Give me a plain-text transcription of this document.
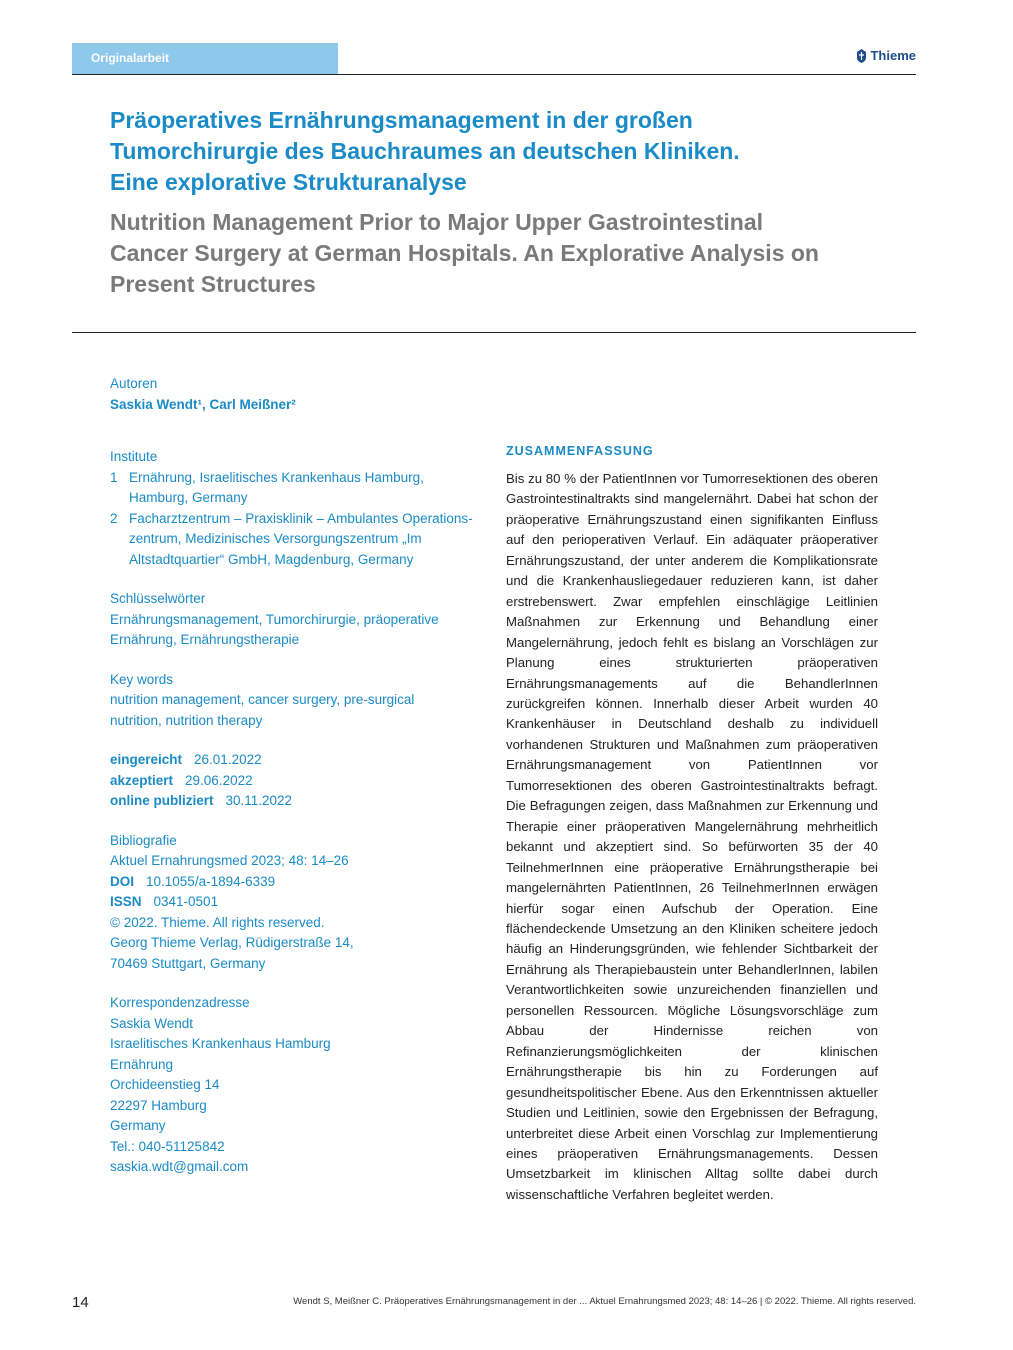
Originalarbeit	Thieme
Präoperatives Ernährungsmanagement in der großen
Tumorchirurgie des Bauchraumes an deutschen Kliniken.
Eine explorative Strukturanalyse
Nutrition Management Prior to Major Upper Gastrointestinal
Cancer Surgery at German Hospitals. An Explorative Analysis on
Present Structures
Autoren
Saskia Wendt¹, Carl Meißner²
Institute
1 Ernährung, Israelitisches Krankenhaus Hamburg,
Hamburg, Germany
2 Facharztzentrum – Praxisklinik – Ambulantes Operations-
zentrum, Medizinisches Versorgungszentrum „Im
Altstadtquartier“ GmbH, Magdenburg, Germany
Schlüsselwörter
Ernährungsmanagement, Tumorchirurgie, präoperative
Ernährung, Ernährungstherapie
Key words
nutrition management, cancer surgery, pre-surgical
nutrition, nutrition therapy
eingereicht 26.01.2022
akzeptiert 29.06.2022
online publiziert 30.11.2022
Bibliografie
Aktuel Ernahrungsmed 2023; 48: 14–26
DOI 10.1055/a-1894-6339
ISSN 0341-0501
© 2022. Thieme. All rights reserved.
Georg Thieme Verlag, Rüdigerstraße 14,
70469 Stuttgart, Germany
Korrespondenzadresse
Saskia Wendt
Israelitisches Krankenhaus Hamburg
Ernährung
Orchideenstieg 14
22297 Hamburg
Germany
Tel.: 040-51125842
saskia.wdt@gmail.com
ZUSAMMENFASSUNG

Bis zu 80 % der PatientInnen vor Tumorresektionen des oberen Gastrointestinaltrakts sind mangelernährt. Dabei hat schon der präoperative Ernährungszustand einen signifikanten Einfluss auf den perioperativen Verlauf. Ein adäquater präoperativer Ernährungszustand, der unter anderem die Komplikationsrate und die Krankenhausliegedauer reduzieren kann, ist daher erstrebenswert. Zwar empfehlen einschlägige Leitlinien Maßnahmen zur Erkennung und Behandlung einer Mangelernährung, jedoch fehlt es bislang an Vorschlägen zur Planung eines strukturierten präoperativen Ernährungsmanagements auf die BehandlerInnen zurückgreifen können. Innerhalb dieser Arbeit wurden 40 Krankenhäuser in Deutschland deshalb zu individuell vorhandenen Strukturen und Maßnahmen zum präoperativen Ernährungsmanagement von PatientInnen vor Tumorresektionen des oberen Gastrointestinaltrakts befragt. Die Befragungen zeigen, dass Maßnahmen zur Erkennung und Therapie einer präoperativen Mangelernährung mehrheitlich bekannt und akzeptiert sind. So befürworten 35 der 40 TeilnehmerInnen eine präoperative Ernährungstherapie bei mangelernährten PatientInnen, 26 TeilnehmerInnen erwägen hierfür sogar einen Aufschub der Operation. Eine flächendeckende Umsetzung an den Kliniken scheitere jedoch häufig an Hinderungsgründen, wie fehlender Sichtbarkeit der Ernährung als Therapiebaustein unter BehandlerInnen, labilen Verantwortlichkeiten sowie unzureichenden finanziellen und personellen Ressourcen. Mögliche Lösungsvorschläge zum Abbau der Hindernisse reichen von Refinanzierungsmöglichkeiten der klinischen Ernährungstherapie bis hin zu Forderungen auf gesundheitspolitischer Ebene. Aus den Erkenntnissen aktueller Studien und Leitlinien, sowie den Ergebnissen der Befragung, unterbreitet diese Arbeit einen Vorschlag zur Implementierung eines präoperativen Ernährungsmanagements. Dessen Umsetzbarkeit im klinischen Alltag sollte dabei durch wissenschaftliche Verfahren begleitet werden.

14	Wendt S, Meißner C. Präoperatives Ernährungsmanagement in der ... Aktuel Ernahrungsmed 2023; 48: 14–26 | © 2022. Thieme. All rights reserved.
